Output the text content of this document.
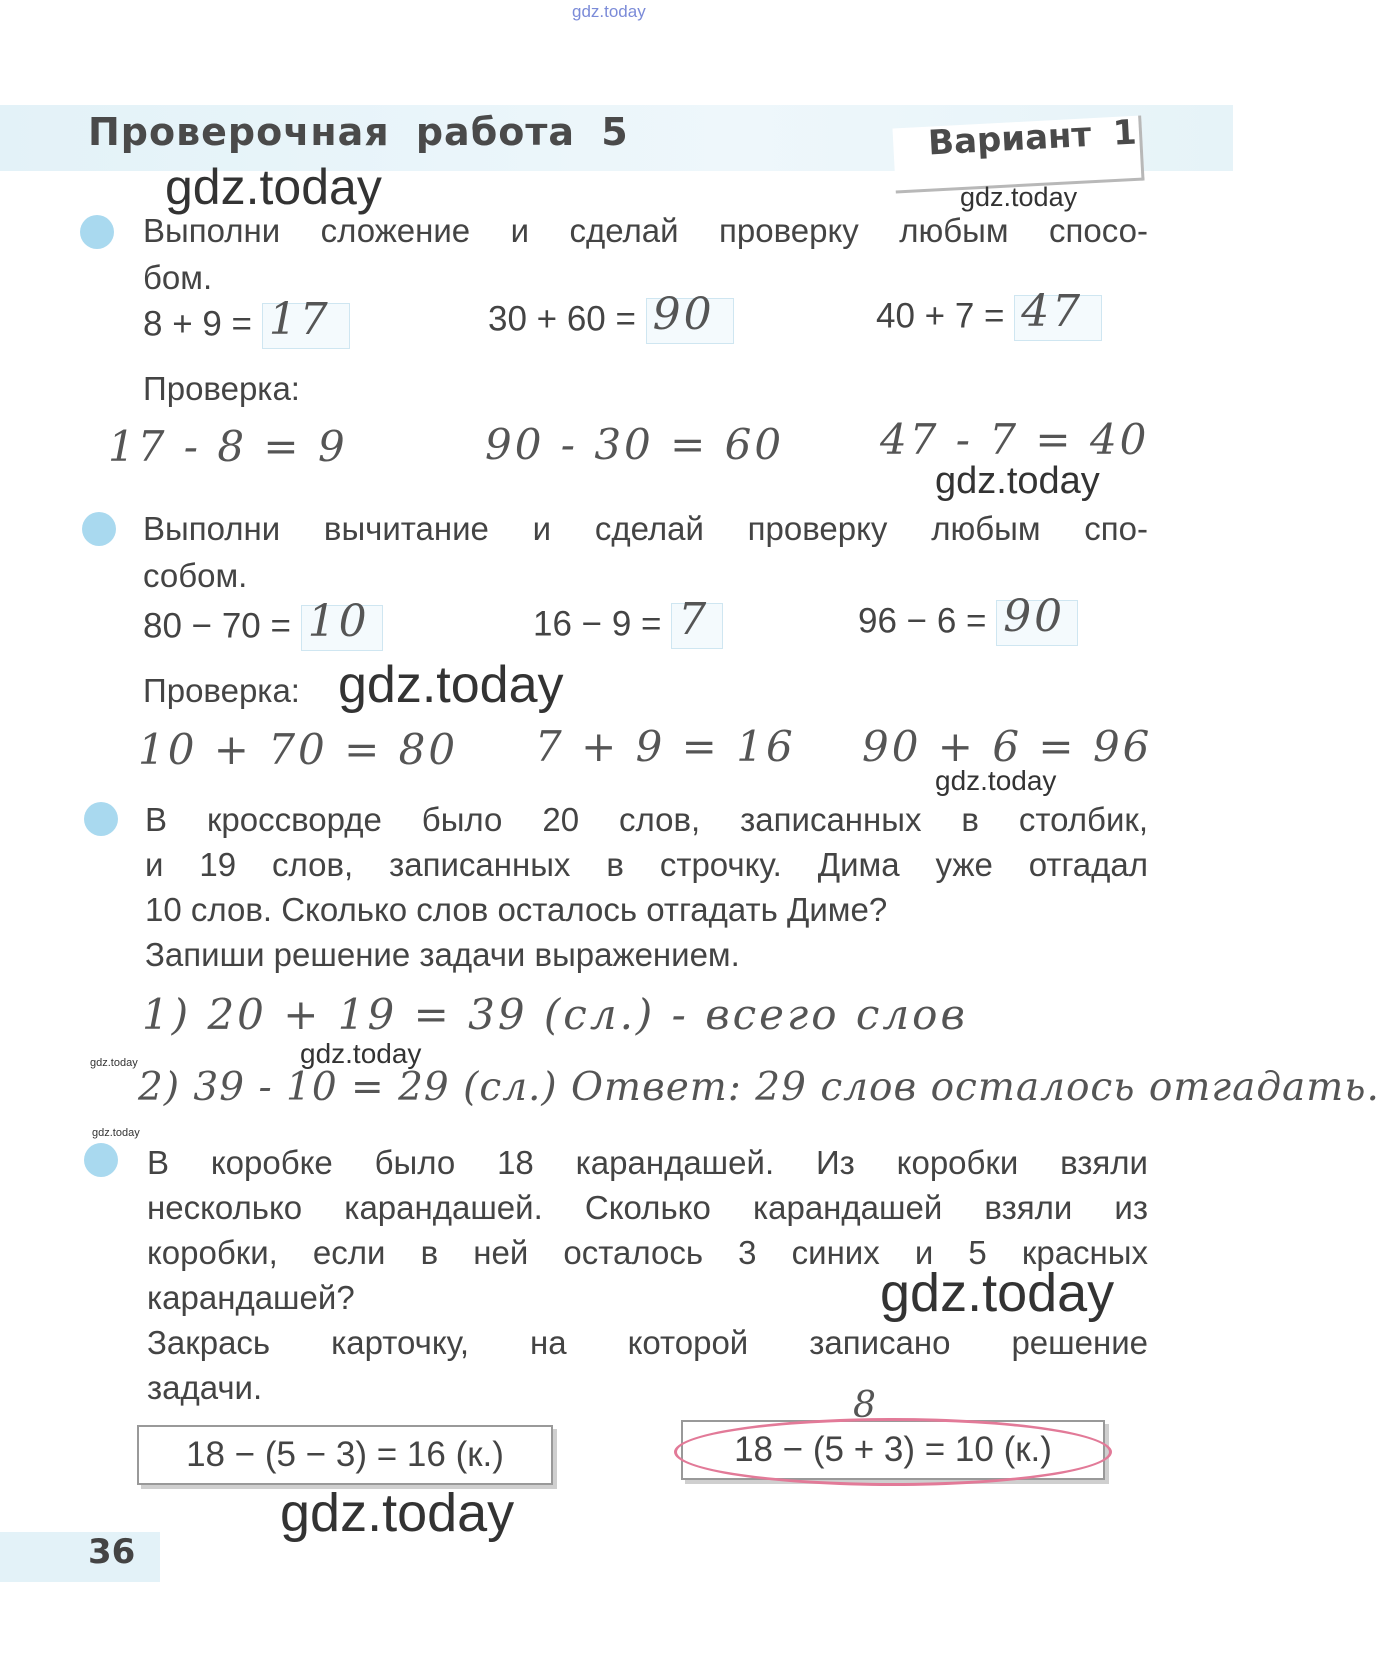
gdz.today
Проверочная работа 5	Вариант 1
gdz.today	gdz.today
Выполни сложение и сделай проверку любым спосо-
бом.
8 + 9 = 17	30 + 60 = 90	40 + 7 = 47
Проверка:
17 - 8 = 9	90 - 30 = 60 47 - 7 = 40
gdz.today
Выполни вычитание и сделай проверку любым спо-
собом.
80 − 70 = 10	16 − 9 = 7	96 − 6 = 90
Проверка: gdz.today
10 + 70 = 80 7 + 9 = 16 90 + 6 = 96
gdz.today
В кроссворде было 20 слов, записанных в столбик,
и 19 слов, записанных в строчку. Дима уже отгадал
10 слов. Сколько слов осталось отгадать Диме?
Запиши решение задачи выражением.
1) 20 + 19 = 39 (сл.) - всего слов
gdz.today	gdz.today
2) 39 - 10 = 29 (сл.) Ответ: 29 слов осталось отгадать.
gdz.today
В коробке было 18 карандашей. Из коробки взяли
несколько карандашей. Сколько карандашей взяли из
коробки, если в ней осталось 3 синих и 5 красных
карандашей?	gdz.today
Закрась карточку, на которой записано решение
задачи.
18 − (5 − 3) = 16 (к.)	18 − (5 + 3) = 10 (к.)
8
gdz.today
36
